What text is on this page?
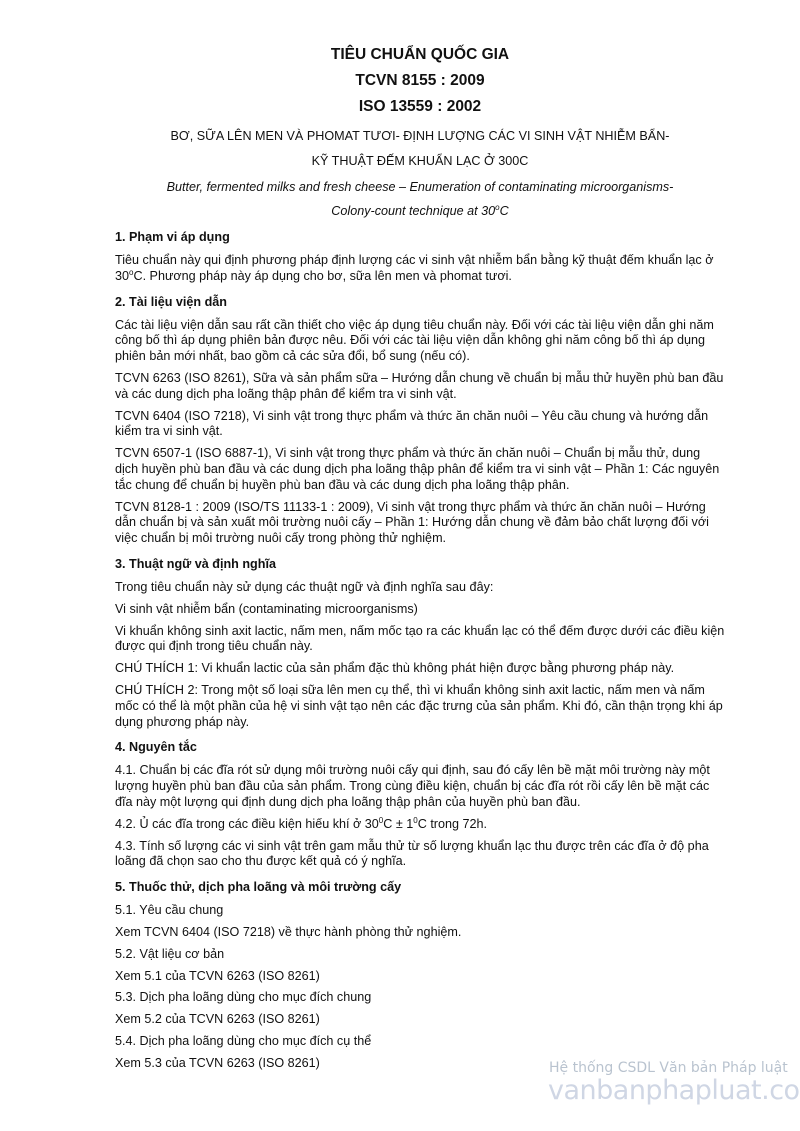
TIÊU CHUẨN QUỐC GIA

TCVN 8155 : 2009

ISO 13559 : 2002

BƠ, SỮA LÊN MEN VÀ PHOMAT TƯƠI- ĐỊNH LƯỢNG CÁC VI SINH VẬT NHIỄM BẨN-

KỸ THUẬT ĐẾM KHUẨN LẠC Ở 300C

Butter, fermented milks and fresh cheese – Enumeration of contaminating microorganisms-

Colony-count technique at 30$^o$C

1. Phạm vi áp dụng

Tiêu chuẩn này qui định phương pháp định lượng các vi sinh vật nhiễm bẩn bằng kỹ thuật đếm khuẩn lạc ở 30$^o$C. Phương pháp này áp dụng cho bơ, sữa lên men và phomat tươi.

2. Tài liệu viện dẫn

Các tài liệu viện dẫn sau rất cần thiết cho việc áp dụng tiêu chuẩn này. Đối với các tài liệu viện dẫn ghi năm công bố thì áp dụng phiên bản được nêu. Đối với các tài liệu viện dẫn không ghi năm công bố thì áp dụng phiên bản mới nhất, bao gồm cả các sửa đổi, bổ sung (nếu có).

TCVN 6263 (ISO 8261), Sữa và sản phẩm sữa – Hướng dẫn chung về chuẩn bị mẫu thử huyền phù ban đầu và các dung dịch pha loãng thập phân để kiểm tra vi sinh vật.

TCVN 6404 (ISO 7218), Vi sinh vật trong thực phẩm và thức ăn chăn nuôi – Yêu cầu chung và hướng dẫn kiểm tra vi sinh vật.

TCVN 6507-1 (ISO 6887-1), Vi sinh vật trong thực phẩm và thức ăn chăn nuôi – Chuẩn bị mẫu thử, dung dịch huyền phù ban đầu và các dung dịch pha loãng thập phân để kiểm tra vi sinh vật – Phần 1: Các nguyên tắc chung để chuẩn bị huyền phù ban đầu và các dung dịch pha loãng thập phân.

TCVN 8128-1 : 2009 (ISO/TS 11133-1 : 2009), Vi sinh vật trong thực phẩm và thức ăn chăn nuôi – Hướng dẫn chuẩn bị và sản xuất môi trường nuôi cấy – Phần 1: Hướng dẫn chung về đảm bảo chất lượng đối với việc chuẩn bị môi trường nuôi cấy trong phòng thử nghiệm.

3. Thuật ngữ và định nghĩa

Trong tiêu chuẩn này sử dụng các thuật ngữ và định nghĩa sau đây:

Vi sinh vật nhiễm bẩn (contaminating microorganisms)

Vi khuẩn không sinh axit lactic, nấm men, nấm mốc tạo ra các khuẩn lạc có thể đếm được dưới các điều kiện được qui định trong tiêu chuẩn này.

CHÚ THÍCH 1: Vi khuẩn lactic của sản phẩm đặc thù không phát hiện được bằng phương pháp này.

CHÚ THÍCH 2: Trong một số loại sữa lên men cụ thể, thì vi khuẩn không sinh axit lactic, nấm men và nấm mốc có thể là một phần của hệ vi sinh vật tạo nên các đặc trưng của sản phẩm. Khi đó, cần thận trọng khi áp dụng phương pháp này.

4. Nguyên tắc

4.1. Chuẩn bị các đĩa rót sử dụng môi trường nuôi cấy qui định, sau đó cấy lên bề mặt môi trường này một lượng huyền phù ban đầu của sản phẩm. Trong cùng điều kiện, chuẩn bị các đĩa rót rồi cấy lên bề mặt các đĩa này một lượng qui định dung dịch pha loãng thập phân của huyền phù ban đầu.

4.2. Ủ các đĩa trong các điều kiện hiếu khí ở $30^0C \pm 1^0C$ trong 72h.

4.3. Tính số lượng các vi sinh vật trên gam mẫu thử từ số lượng khuẩn lạc thu được trên các đĩa ở độ pha loãng đã chọn sao cho thu được kết quả có ý nghĩa.

5. Thuốc thử, dịch pha loãng và môi trường cấy

5.1. Yêu cầu chung

Xem TCVN 6404 (ISO 7218) về thực hành phòng thử nghiệm.

5.2. Vật liệu cơ bản

Xem 5.1 của TCVN 6263 (ISO 8261)

5.3. Dịch pha loãng dùng cho mục đích chung

Xem 5.2 của TCVN 6263 (ISO 8261)

5.4. Dịch pha loãng dùng cho mục đích cụ thể

Xem 5.3 của TCVN 6263 (ISO 8261)	Hệ thống CSDL Văn bản Pháp luật
vanbanphapluat.co
